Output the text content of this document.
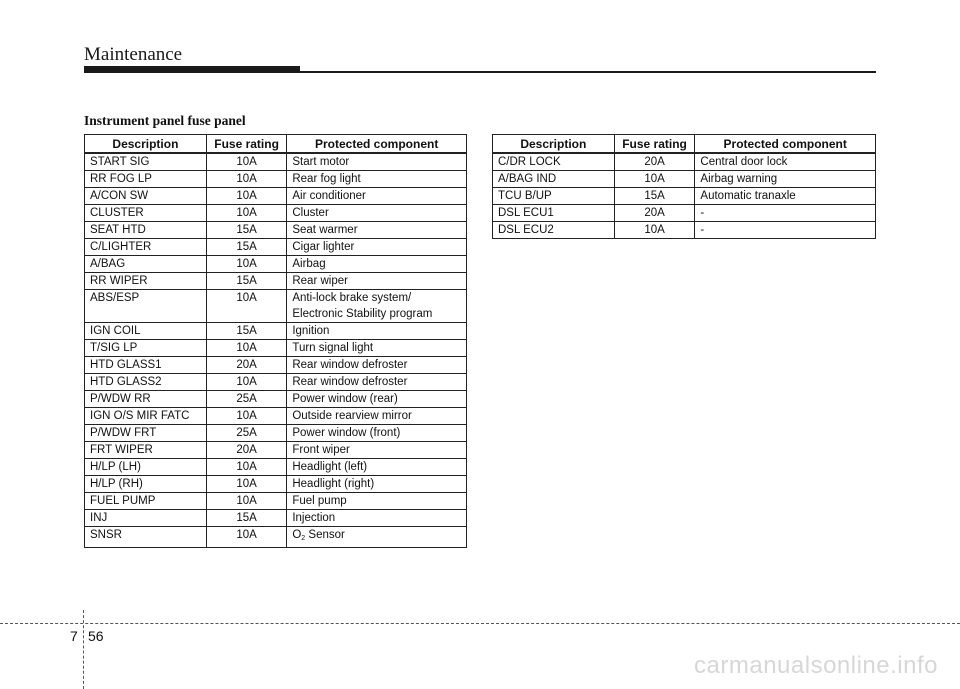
Maintenance
Instrument panel fuse panel
Description	Fuse rating	Protected component
START SIG	10A	Start motor
RR FOG LP	10A	Rear fog light
A/CON SW	10A	Air conditioner
CLUSTER	10A	Cluster
SEAT HTD	15A	Seat warmer
C/LIGHTER	15A	Cigar lighter
A/BAG	10A	Airbag
RR WIPER	15A	Rear wiper
ABS/ESP	10A	Anti-lock brake system/
Electronic Stability program
IGN COIL	15A	Ignition
T/SIG LP	10A	Turn signal light
HTD GLASS1	20A	Rear window defroster
HTD GLASS2	10A	Rear window defroster
P/WDW RR	25A	Power window (rear)
IGN O/S MIR FATC	10A	Outside rearview mirror
P/WDW FRT	25A	Power window (front)
FRT WIPER	20A	Front wiper
H/LP (LH)	10A	Headlight (left)
H/LP (RH)	10A	Headlight (right)
FUEL PUMP	10A	Fuel pump
INJ	15A	Injection
SNSR	10A	$O_2$ Sensor
Description	Fuse rating	Protected component
C/DR LOCK	20A	Central door lock
A/BAG IND	10A	Airbag warning
TCU B/UP	15A	Automatic tranaxle
DSL ECU1	20A	-
DSL ECU2	10A	-
7 56
carmanualsonline.info
